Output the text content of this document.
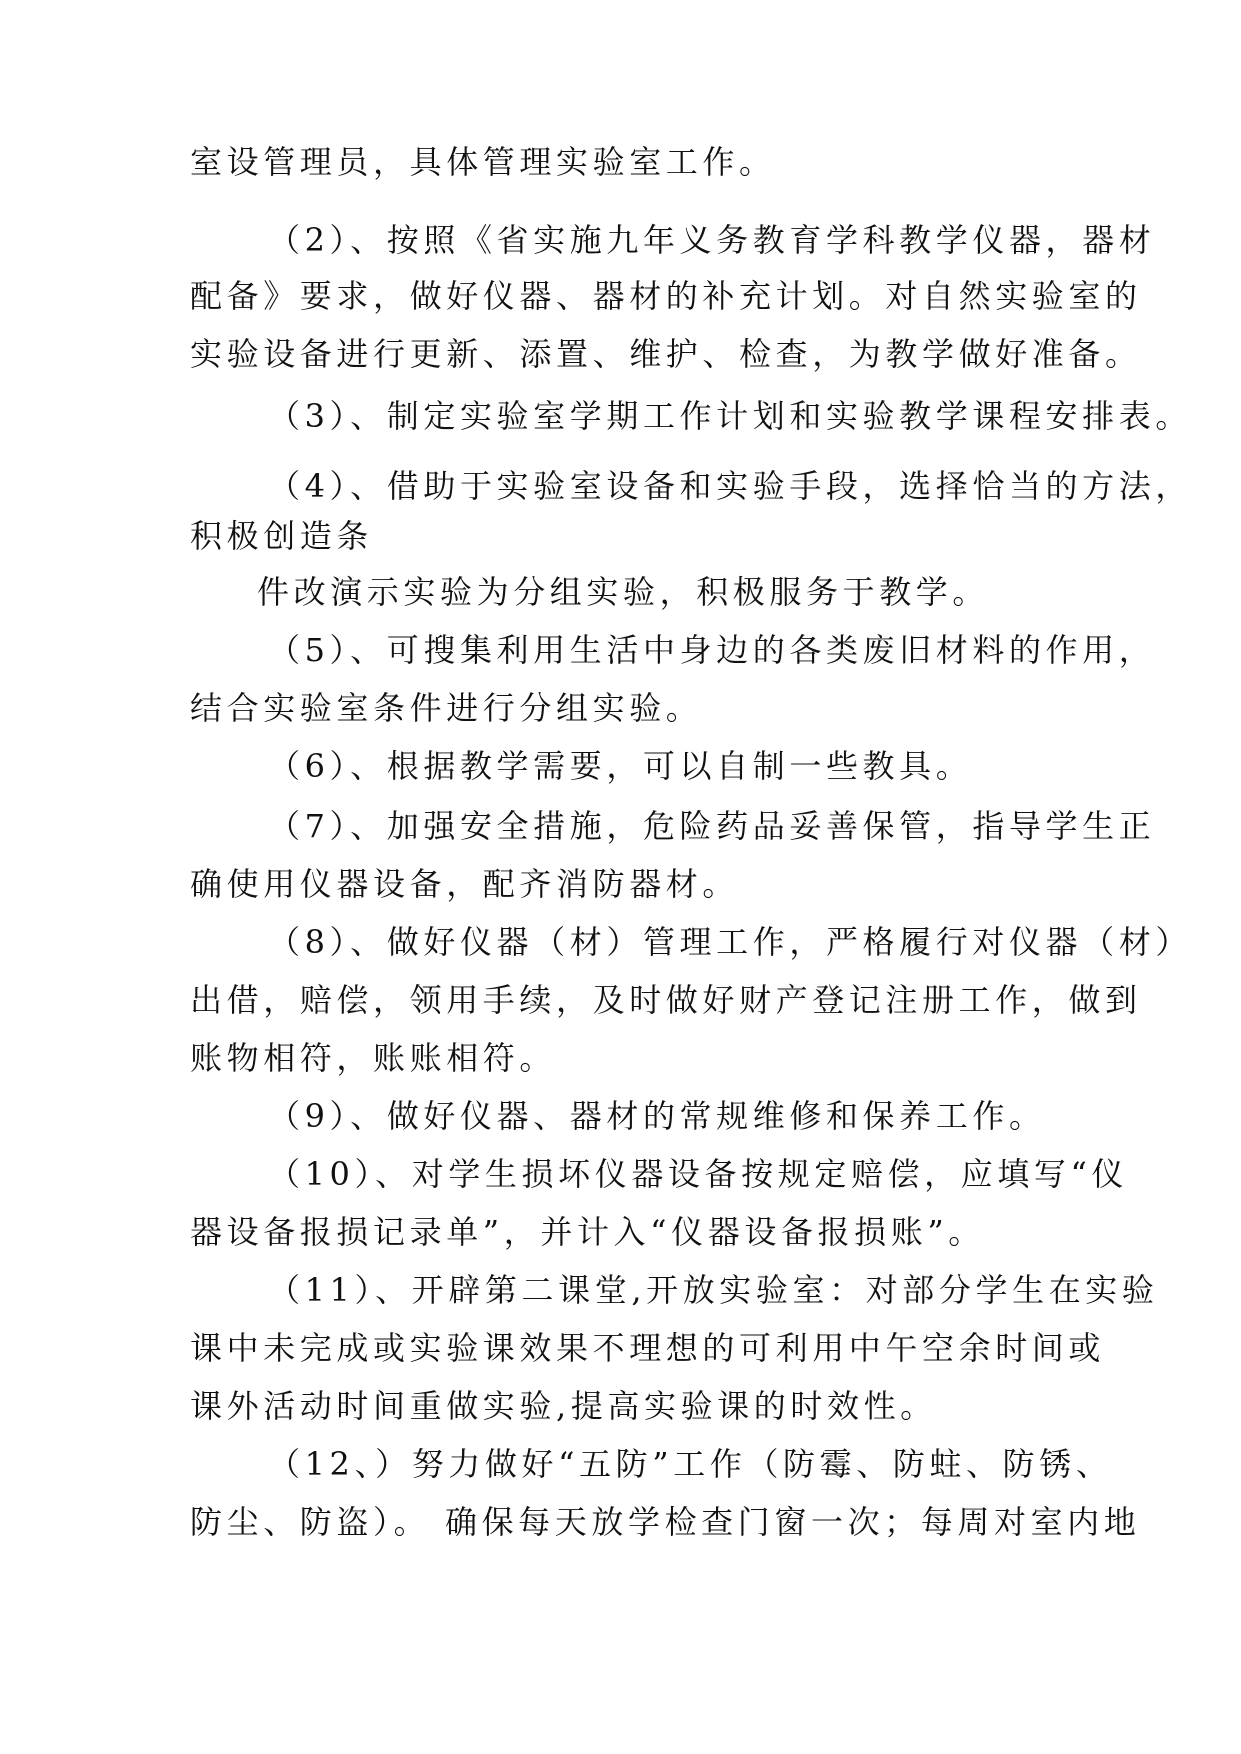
室设管理员，具体管理实验室工作。
（2）、按照《省实施九年义务教育学科教学仪器，器材
配备》要求，做好仪器、器材的补充计划。对自然实验室的
实验设备进行更新、添置、维护、检查，为教学做好准备。
（3）、制定实验室学期工作计划和实验教学课程安排表。
（4）、借助于实验室设备和实验手段，选择恰当的方法，
积极创造条
件改演示实验为分组实验，积极服务于教学。
（5）、可搜集利用生活中身边的各类废旧材料的作用，
结合实验室条件进行分组实验。
（6）、根据教学需要，可以自制一些教具。
（7）、加强安全措施，危险药品妥善保管，指导学生正
确使用仪器设备，配齐消防器材。
（8）、做好仪器（材）管理工作，严格履行对仪器（材）
出借，赔偿，领用手续，及时做好财产登记注册工作，做到
账物相符，账账相符。
（9）、做好仪器、器材的常规维修和保养工作。
（10）、对学生损坏仪器设备按规定赔偿，应填写“仪
器设备报损记录单”，并计入“仪器设备报损账”。
（11）、开辟第二课堂,开放实验室：对部分学生在实验
课中未完成或实验课效果不理想的可利用中午空余时间或
课外活动时间重做实验,提高实验课的时效性。
（12、）努力做好“五防”工作（防霉、防蛀、防锈、
防尘、防盗）。 确保每天放学检查门窗一次；每周对室内地
